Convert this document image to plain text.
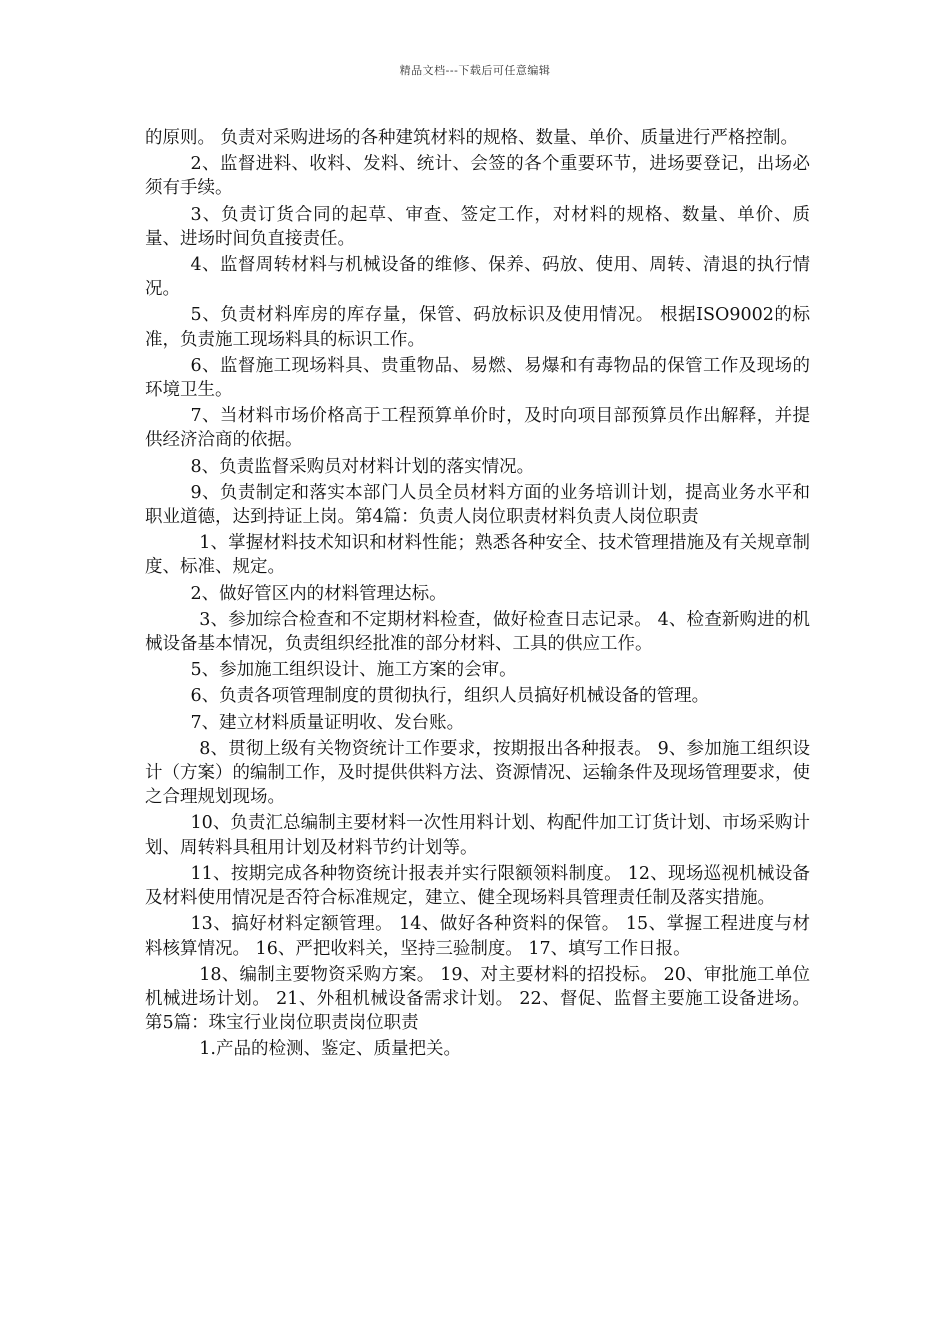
精品文档---下载后可任意编辑

的原则。 负责对采购进场的各种建筑材料的规格、数量、单价、质量进行严格控制。

2、监督进料、收料、发料、统计、会签的各个重要环节，进场要登记，出场必须有手续。

3、负责订货合同的起草、审查、签定工作，对材料的规格、数量、单价、质量、进场时间负直接责任。

4、监督周转材料与机械设备的维修、保养、码放、使用、周转、清退的执行情况。

5、负责材料库房的库存量，保管、码放标识及使用情况。 根据ISO9002的标准，负责施工现场料具的标识工作。

6、监督施工现场料具、贵重物品、易燃、易爆和有毒物品的保管工作及现场的环境卫生。

7、当材料市场价格高于工程预算单价时，及时向项目部预算员作出解释，并提供经济洽商的依据。

8、负责监督采购员对材料计划的落实情况。

9、负责制定和落实本部门人员全员材料方面的业务培训计划，提高业务水平和职业道德，达到持证上岗。第4篇：负责人岗位职责材料负责人岗位职责

1、掌握材料技术知识和材料性能；熟悉各种安全、技术管理措施及有关规章制度、标准、规定。

2、做好管区内的材料管理达标。

3、参加综合检查和不定期材料检查，做好检查日志记录。 4、检查新购进的机械设备基本情况，负责组织经批准的部分材料、工具的供应工作。

5、参加施工组织设计、施工方案的会审。

6、负责各项管理制度的贯彻执行，组织人员搞好机械设备的管理。

7、建立材料质量证明收、发台账。

8、贯彻上级有关物资统计工作要求，按期报出各种报表。 9、参加施工组织设计（方案）的编制工作，及时提供供料方法、资源情况、运输条件及现场管理要求，使之合理规划现场。

10、负责汇总编制主要材料一次性用料计划、构配件加工订货计划、市场采购计划、周转料具租用计划及材料节约计划等。

11、按期完成各种物资统计报表并实行限额领料制度。 12、现场巡视机械设备及材料使用情况是否符合标准规定，建立、健全现场料具管理责任制及落实措施。

13、搞好材料定额管理。 14、做好各种资料的保管。 15、掌握工程进度与材料核算情况。 16、严把收料关，坚持三验制度。 17、填写工作日报。

18、编制主要物资采购方案。 19、对主要材料的招投标。 20、审批施工单位机械进场计划。 21、外租机械设备需求计划。 22、督促、监督主要施工设备进场。第5篇：珠宝行业岗位职责岗位职责

1.产品的检测、鉴定、质量把关。
